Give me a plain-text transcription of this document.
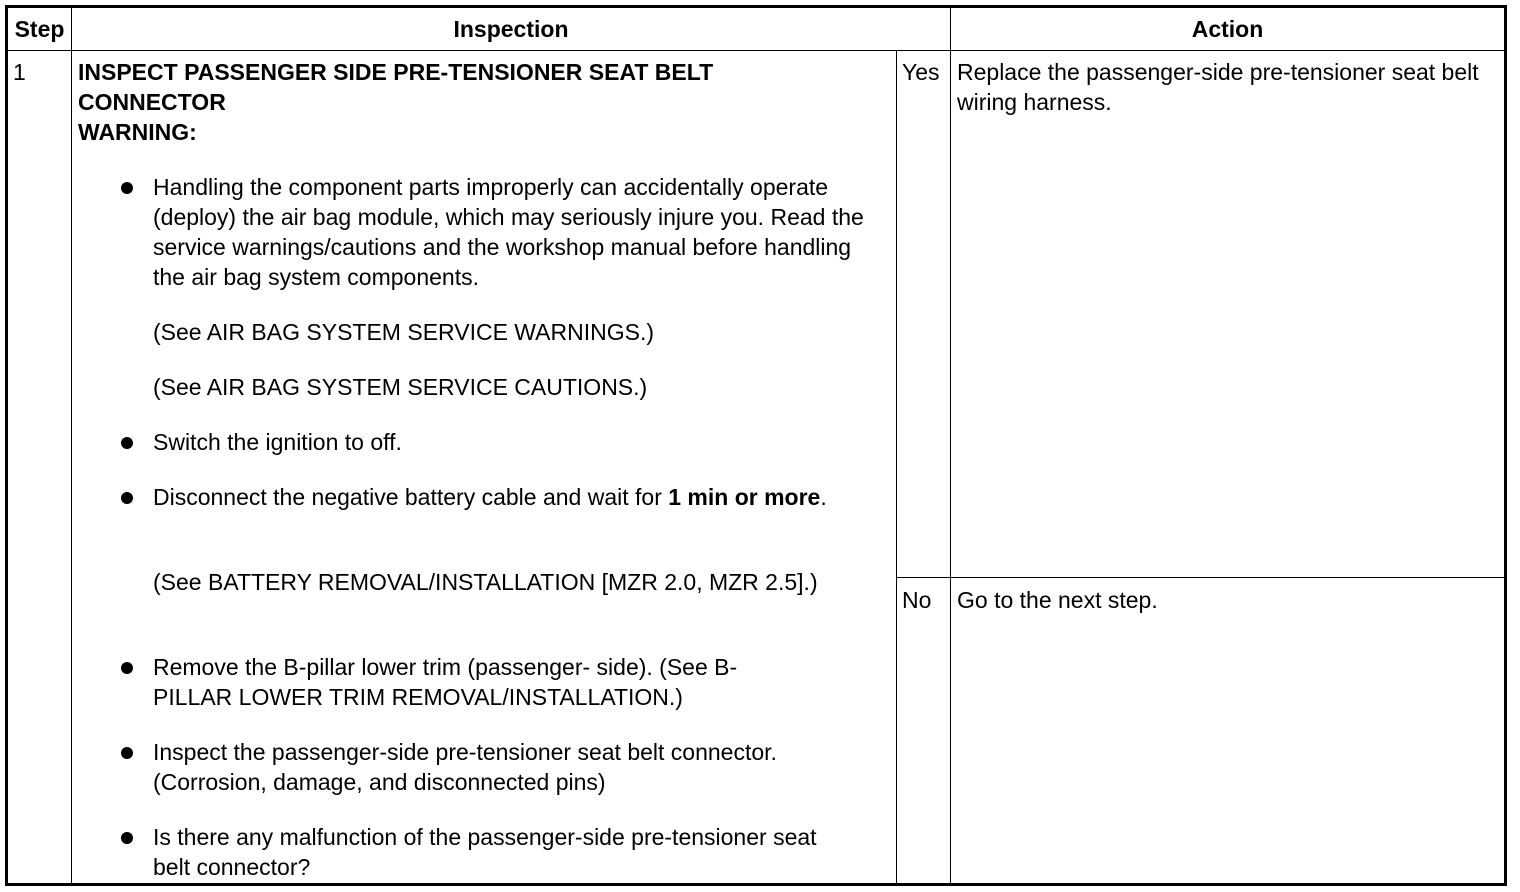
Step	Inspection	Action
1 INSPECT PASSENGER SIDE PRE-TENSIONER SEAT BELT
CONNECTOR
WARNING:
Handling the component parts improperly can accidentally operate (deploy) the air bag module, which may seriously injure you. Read the service warnings/cautions and the workshop manual before handling the air bag system components.
(See AIR BAG SYSTEM SERVICE WARNINGS.)
(See AIR BAG SYSTEM SERVICE CAUTIONS.)
Switch the ignition to off.
Disconnect the negative battery cable and wait for 1 min or more.
(See BATTERY REMOVAL/INSTALLATION [MZR 2.0, MZR 2.5].)
Remove the B-pillar lower trim (passenger- side). (See B-PILLAR LOWER TRIM REMOVAL/INSTALLATION.)
Inspect the passenger-side pre-tensioner seat belt connector. (Corrosion, damage, and disconnected pins)
Is there any malfunction of the passenger-side pre-tensioner seat belt connector?
Yes Replace the passenger-side pre-tensioner seat belt wiring harness.
No Go to the next step.
